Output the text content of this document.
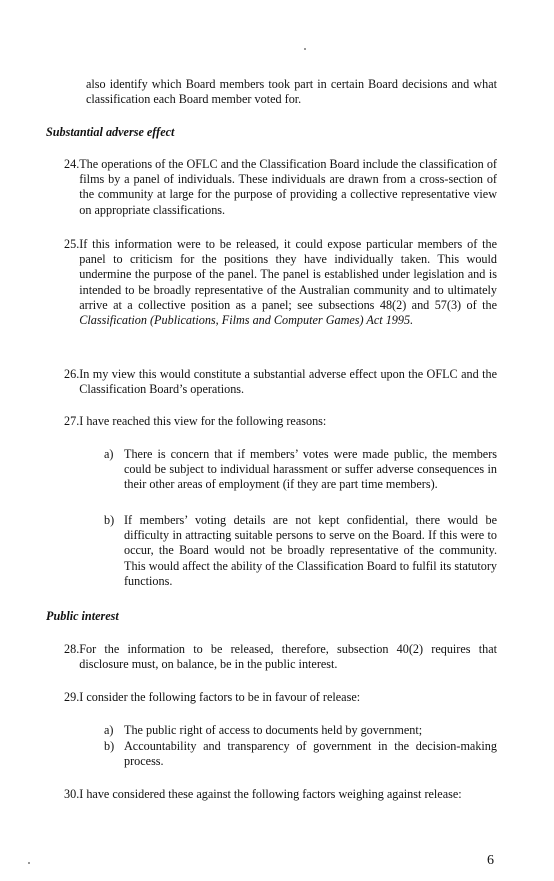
also identify which Board members took part in certain Board decisions and what classification each Board member voted for.

Substantial adverse effect

24. The operations of the OFLC and the Classification Board include the classification of films by a panel of individuals. These individuals are drawn from a cross-section of the community at large for the purpose of providing a collective representative view on appropriate classifications.

25. If this information were to be released, it could expose particular members of the panel to criticism for the positions they have individually taken. This would undermine the purpose of the panel. The panel is established under legislation and is intended to be broadly representative of the Australian community and to ultimately arrive at a collective position as a panel; see subsections 48(2) and 57(3) of the Classification (Publications, Films and Computer Games) Act 1995.

26. In my view this would constitute a substantial adverse effect upon the OFLC and the Classification Board’s operations.

27. I have reached this view for the following reasons:

a) There is concern that if members’ votes were made public, the members could be subject to individual harassment or suffer adverse consequences in their other areas of employment (if they are part time members).

b) If members’ voting details are not kept confidential, there would be difficulty in attracting suitable persons to serve on the Board. If this were to occur, the Board would not be broadly representative of the community. This would affect the ability of the Classification Board to fulfil its statutory functions.

Public interest

28. For the information to be released, therefore, subsection 40(2) requires that disclosure must, on balance, be in the public interest.

29. I consider the following factors to be in favour of release:

a) The public right of access to documents held by government;

b) Accountability and transparency of government in the decision-making process.

30. I have considered these against the following factors weighing against release:

6
